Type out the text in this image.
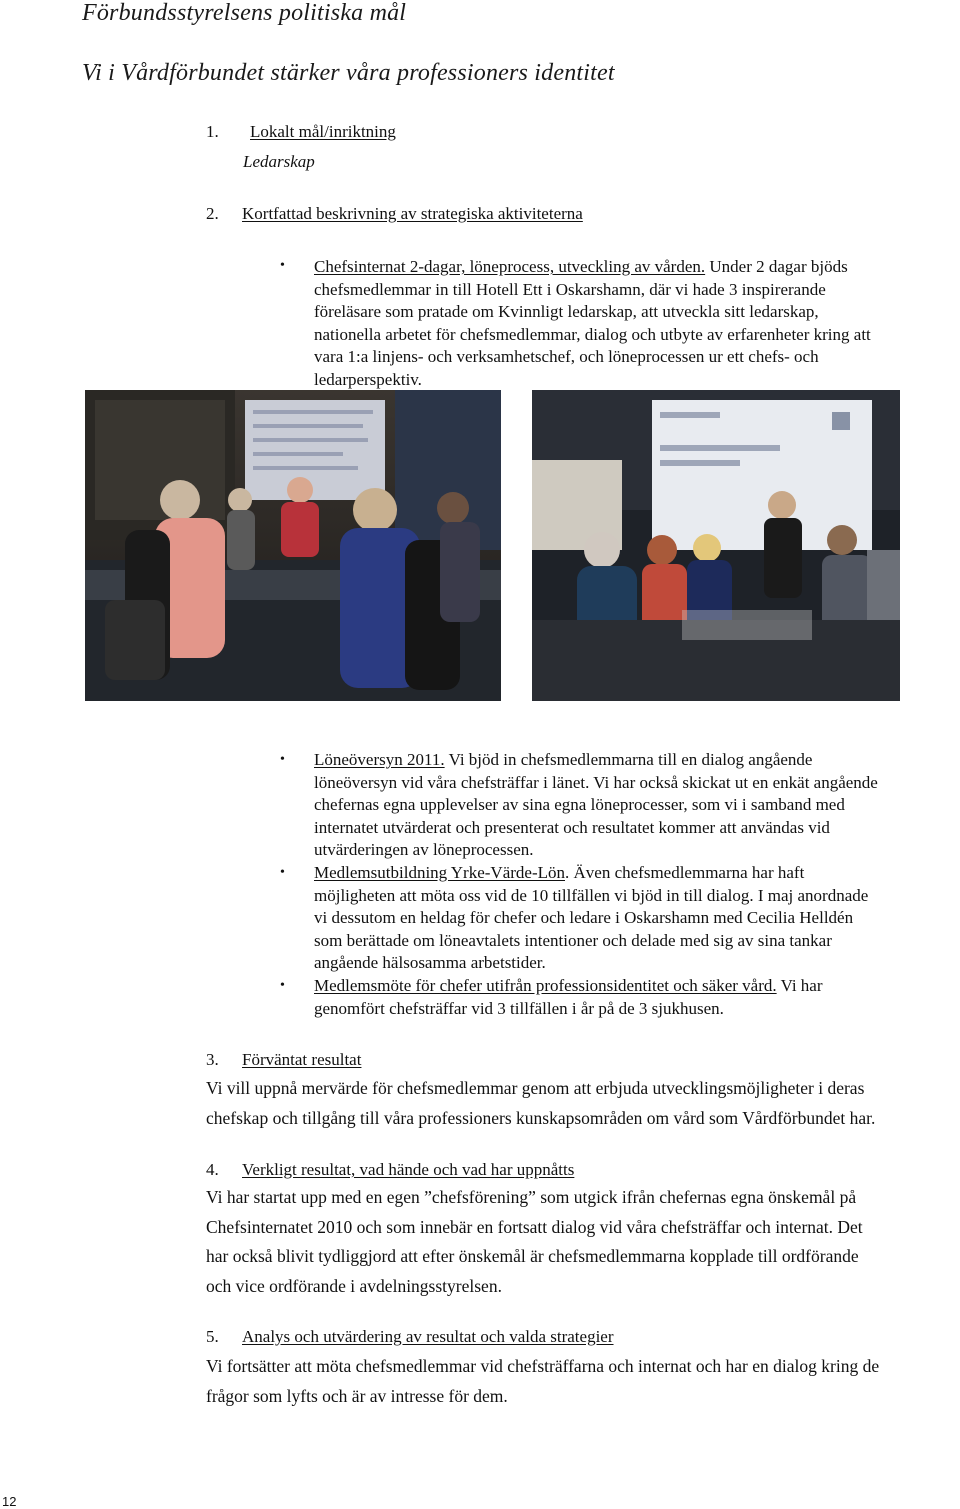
Förbundsstyrelsens politiska mål
Vi i Vårdförbundet stärker våra professioners identitet
1. Lokalt mål/inriktning
Ledarskap
2. Kortfattad beskrivning av strategiska aktiviteterna
• Chefsinternat 2-dagar, löneprocess, utveckling av vården. Under 2 dagar bjöds
chefsmedlemmar in till Hotell Ett i Oskarshamn, där vi hade 3 inspirerande
föreläsare som pratade om Kvinnligt ledarskap, att utveckla sitt ledarskap,
nationella arbetet för chefsmedlemmar, dialog och utbyte av erfarenheter kring att
vara 1:a linjens- och verksamhetschef, och löneprocessen ur ett chefs- och
ledarperspektiv.
• Löneöversyn 2011. Vi bjöd in chefsmedlemmarna till en dialog angående
löneöversyn vid våra chefsträffar i länet. Vi har också skickat ut en enkät angående
chefernas egna upplevelser av sina egna löneprocesser, som vi i samband med
internatet utvärderat och presenterat och resultatet kommer att användas vid
utvärderingen av löneprocessen.
• Medlemsutbildning Yrke-Värde-Lön. Även chefsmedlemmarna har haft
möjligheten att möta oss vid de 10 tillfällen vi bjöd in till dialog. I maj anordnade
vi dessutom en heldag för chefer och ledare i Oskarshamn med Cecilia Helldén
som berättade om löneavtalets intentioner och delade med sig av sina tankar
angående hälsosamma arbetstider.
• Medlemsmöte för chefer utifrån professionsidentitet och säker vård. Vi har
genomfört chefsträffar vid 3 tillfällen i år på de 3 sjukhusen.
3. Förväntat resultat
Vi vill uppnå mervärde för chefsmedlemmar genom att erbjuda utvecklingsmöjligheter i deras
chefskap och tillgång till våra professioners kunskapsområden om vård som Vårdförbundet har.
4. Verkligt resultat, vad hände och vad har uppnåtts
Vi har startat upp med en egen ”chefsförening” som utgick ifrån chefernas egna önskemål på
Chefsinternatet 2010 och som innebär en fortsatt dialog vid våra chefsträffar och internat. Det
har också blivit tydliggjord att efter önskemål är chefsmedlemmarna kopplade till ordförande
och vice ordförande i avdelningsstyrelsen.
5. Analys och utvärdering av resultat och valda strategier
Vi fortsätter att möta chefsmedlemmar vid chefsträffarna och internat och har en dialog kring de
frågor som lyfts och är av intresse för dem.
12
